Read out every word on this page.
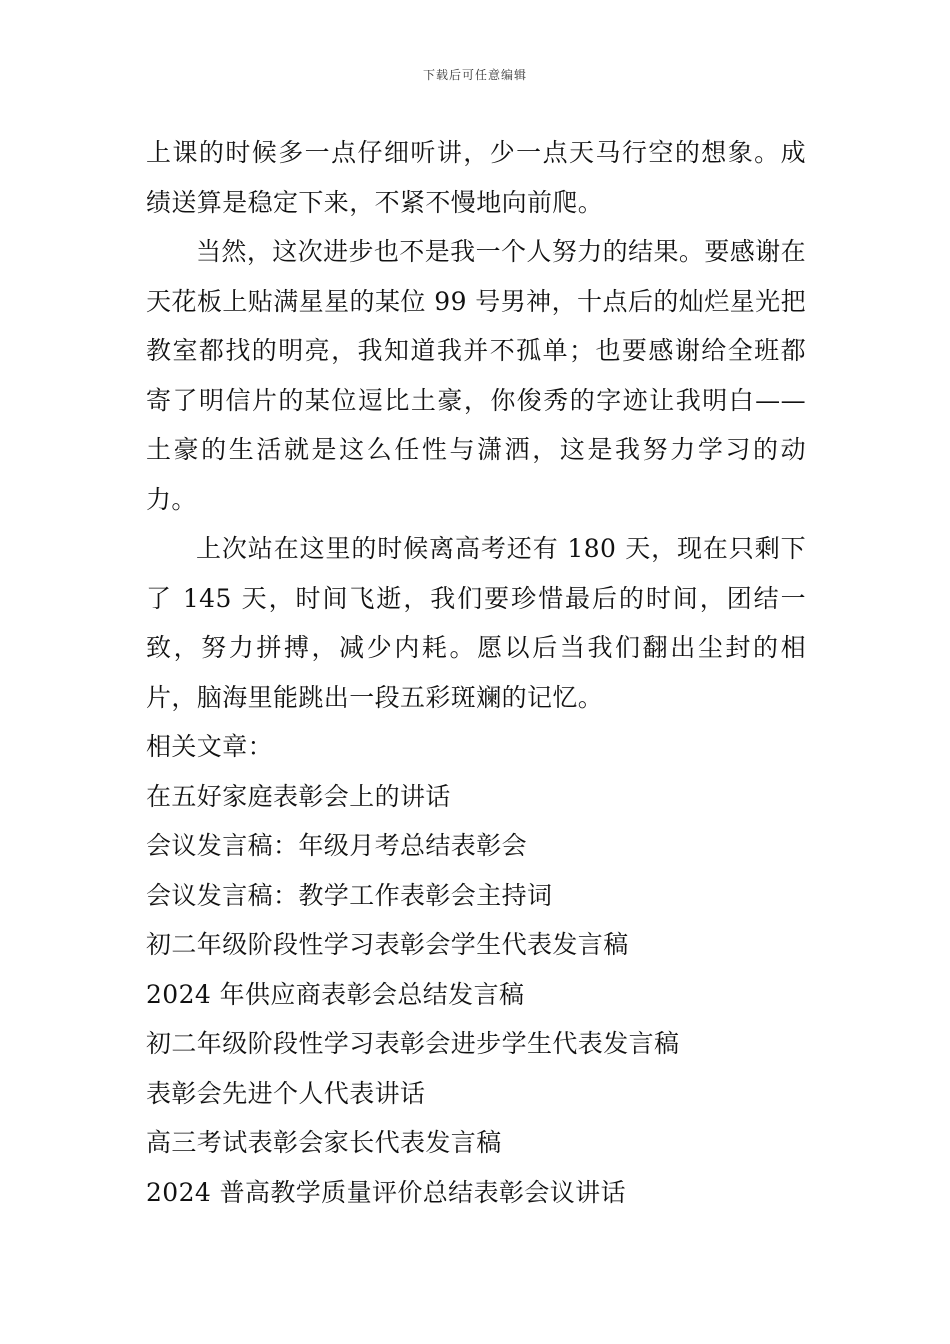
下载后可任意编辑

上课的时候多一点仔细听讲，少一点天马行空的想象。成绩送算是稳定下来，不紧不慢地向前爬。

当然，这次进步也不是我一个人努力的结果。要感谢在天花板上贴满星星的某位 99 号男神，十点后的灿烂星光把教室都找的明亮，我知道我并不孤单；也要感谢给全班都寄了明信片的某位逗比土豪，你俊秀的字迹让我明白——土豪的生活就是这么任性与潇洒，这是我努力学习的动力。

上次站在这里的时候离高考还有 180 天，现在只剩下了 145 天，时间飞逝，我们要珍惜最后的时间，团结一致，努力拼搏，减少内耗。愿以后当我们翻出尘封的相片，脑海里能跳出一段五彩斑斓的记忆。

相关文章：

在五好家庭表彰会上的讲话
会议发言稿：年级月考总结表彰会
会议发言稿：教学工作表彰会主持词
初二年级阶段性学习表彰会学生代表发言稿
2024 年供应商表彰会总结发言稿
初二年级阶段性学习表彰会进步学生代表发言稿
表彰会先进个人代表讲话
高三考试表彰会家长代表发言稿
2024 普高教学质量评价总结表彰会议讲话
